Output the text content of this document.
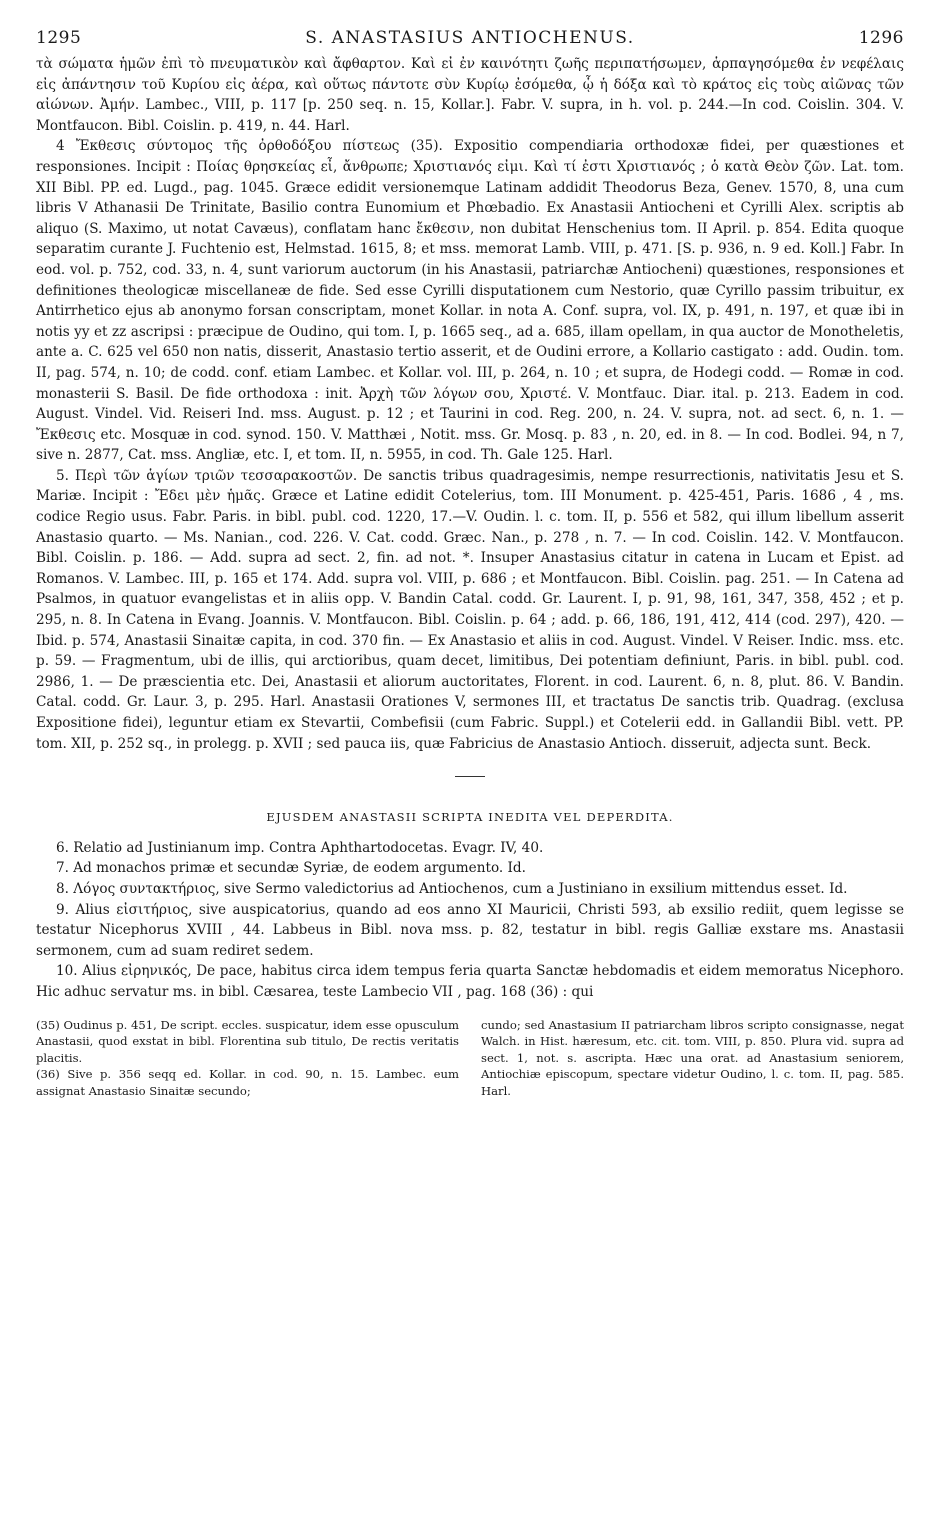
1295	S. ANASTASIUS ANTIOCHENUS.	1296

τὰ σώματα ἡμῶν ἐπὶ τὸ πνευματικὸν καὶ ἄφθαρτον. Καὶ εἰ ἐν καινότητι ζωῆς περιπατήσωμεν, ἁρπαγησόμεθα ἐν νεφέλαις εἰς ἀπάντησιν τοῦ Κυρίου εἰς ἀέρα, καὶ οὕτως πάντοτε σὺν Κυρίῳ ἐσόμεθα, ᾧ ἡ δόξα καὶ τὸ κράτος εἰς τοὺς αἰῶνας τῶν αἰώνων. Ἀμήν. Lambec., VIII, p. 117 [p. 250 seq. n. 15, Kollar.]. Fabr. V. supra, in h. vol. p. 244.—In cod. Coislin. 304. V. Montfaucon. Bibl. Coislin. p. 419, n. 44. Harl.

4 Ἔκθεσις σύντομος τῆς ὀρθοδόξου πίστεως (35). Expositio compendiaria orthodoxæ fidei, per quæstiones et responsiones. Incipit : Ποίας θρησκείας εἶ, ἄνθρωπε; Χριστιανός εἰμι. Καὶ τί ἐστι Χριστιανός ; ὁ κατὰ Θεὸν ζῶν. Lat. tom. XII Bibl. PP. ed. Lugd., pag. 1045. Græce edidit versionemque Latinam addidit Theodorus Beza, Genev. 1570, 8, una cum libris V Athanasii De Trinitate, Basilio contra Eunomium et Phœbadio. Ex Anastasii Antiocheni et Cyrilli Alex. scriptis ab aliquo (S. Maximo, ut notat Cavæus), conflatam hanc ἔκθεσιν, non dubitat Henschenius tom. II April. p. 854. Edita quoque separatim curante J. Fuchtenio est, Helmstad. 1615, 8; et mss. memorat Lamb. VIII, p. 471. [S. p. 936, n. 9 ed. Koll.] Fabr. In eod. vol. p. 752, cod. 33, n. 4, sunt variorum auctorum (in his Anastasii, patriarchæ Antiocheni) quæstiones, responsiones et definitiones theologicæ miscellaneæ de fide. Sed esse Cyrilli disputationem cum Nestorio, quæ Cyrillo passim tribuitur, ex Antirrhetico ejus ab anonymo forsan conscriptam, monet Kollar. in nota A. Conf. supra, vol. IX, p. 491, n. 197, et quæ ibi in notis yy et zz ascripsi : præcipue de Oudino, qui tom. I, p. 1665 seq., ad a. 685, illam opellam, in qua auctor de Monotheletis, ante a. C. 625 vel 650 non natis, disserit, Anastasio tertio asserit, et de Oudini errore, a Kollario castigato : add. Oudin. tom. II, pag. 574, n. 10; de codd. conf. etiam Lambec. et Kollar. vol. III, p. 264, n. 10 ; et supra, de Hodegi codd. — Romæ in cod. monasterii S. Basil. De fide orthodoxa : init. Ἀρχὴ τῶν λόγων σου, Χριστέ. V. Montfauc. Diar. ital. p. 213. Eadem in cod. August. Vindel. Vid. Reiseri Ind. mss. August. p. 12 ; et Taurini in cod. Reg. 200, n. 24. V. supra, not. ad sect. 6, n. 1. — Ἔκθεσις etc. Mosquæ in cod. synod. 150. V. Matthæi , Notit. mss. Gr. Mosq. p. 83 , n. 20, ed. in 8. — In cod. Bodlei. 94, n 7, sive n. 2877, Cat. mss. Angliæ, etc. I, et tom. II, n. 5955, in cod. Th. Gale 125. Harl.

5. Περὶ τῶν ἁγίων τριῶν τεσσαρακοστῶν. De sanctis tribus quadragesimis, nempe resurrectionis, nativitatis Jesu et S. Mariæ. Incipit : Ἔδει μὲν ἡμᾶς. Græce et Latine edidit Cotelerius, tom. III Monument. p. 425-451, Paris. 1686 , 4 , ms. codice Regio usus. Fabr. Paris. in bibl. publ. cod. 1220, 17.—V. Oudin. l. c. tom. II, p. 556 et 582, qui illum libellum asserit Anastasio quarto. — Ms. Nanian., cod. 226. V. Cat. codd. Græc. Nan., p. 278 , n. 7. — In cod. Coislin. 142. V. Montfaucon. Bibl. Coislin. p. 186. — Add. supra ad sect. 2, fin. ad not. *. Insuper Anastasius citatur in catena in Lucam et Epist. ad Romanos. V. Lambec. III, p. 165 et 174. Add. supra vol. VIII, p. 686 ; et Montfaucon. Bibl. Coislin. pag. 251. — In Catena ad Psalmos, in quatuor evangelistas et in aliis opp. V. Bandin Catal. codd. Gr. Laurent. I, p. 91, 98, 161, 347, 358, 452 ; et p. 295, n. 8. In Catena in Evang. Joannis. V. Montfaucon. Bibl. Coislin. p. 64 ; add. p. 66, 186, 191, 412, 414 (cod. 297), 420. — Ibid. p. 574, Anastasii Sinaitæ capita, in cod. 370 fin. — Ex Anastasio et aliis in cod. August. Vindel. V Reiser. Indic. mss. etc. p. 59. — Fragmentum, ubi de illis, qui arctioribus, quam decet, limitibus, Dei potentiam definiunt, Paris. in bibl. publ. cod. 2986, 1. — De præscientia etc. Dei, Anastasii et aliorum auctoritates, Florent. in cod. Laurent. 6, n. 8, plut. 86. V. Bandin. Catal. codd. Gr. Laur. 3, p. 295. Harl. Anastasii Orationes V, sermones III, et tractatus De sanctis trib. Quadrag. (exclusa Expositione fidei), leguntur etiam ex Stevartii, Combefisii (cum Fabric. Suppl.) et Cotelerii edd. in Gallandii Bibl. vett. PP. tom. XII, p. 252 sq., in prolegg. p. XVII ; sed pauca iis, quæ Fabricius de Anastasio Antioch. disseruit, adjecta sunt. Beck.

EJUSDEM ANASTASII SCRIPTA INEDITA VEL DEPERDITA.

6. Relatio ad Justinianum imp. Contra Aphthartodocetas. Evagr. IV, 40.

7. Ad monachos primæ et secundæ Syriæ, de eodem argumento. Id.

8. Λόγος συντακτήριος, sive Sermo valedictorius ad Antiochenos, cum a Justiniano in exsilium mittendus esset. Id.

9. Alius εἰσιτήριος, sive auspicatorius, quando ad eos anno XI Mauricii, Christi 593, ab exsilio rediit, quem legisse se testatur Nicephorus XVIII , 44. Labbeus in Bibl. nova mss. p. 82, testatur in bibl. regis Galliæ exstare ms. Anastasii sermonem, cum ad suam rediret sedem.

10. Alius εἰρηνικός, De pace, habitus circa idem tempus feria quarta Sanctæ hebdomadis et eidem memoratus Nicephoro. Hic adhuc servatur ms. in bibl. Cæsarea, teste Lambecio VII , pag. 168 (36) : qui

(35) Oudinus p. 451, De script. eccles. suspicatur, idem esse opusculum Anastasii, quod exstat in bibl. Florentina sub titulo, De rectis veritatis placitis.

(36) Sive p. 356 seqq ed. Kollar. in cod. 90, n. 15. Lambec. eum assignat Anastasio Sinaitæ secundo;

cundo; sed Anastasium II patriarcham libros scripto consignasse, negat Walch. in Hist. hæresum, etc. cit. tom. VIII, p. 850. Plura vid. supra ad sect. 1, not. s. ascripta. Hæc una orat. ad Anastasium seniorem, Antiochiæ episcopum, spectare videtur Oudino, l. c. tom. II, pag. 585. Harl.
